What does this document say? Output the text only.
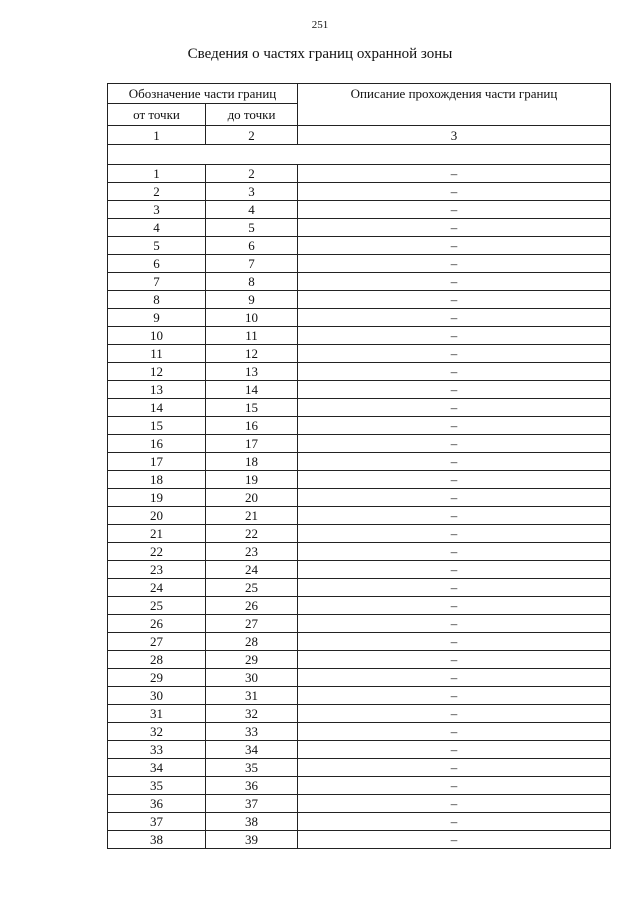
251
Сведения о частях границ охранной зоны
Обозначение части границ		Описание прохождения части границ
от точки	до точки	
1	2	3

1	2	–
2	3	–
3	4	–
4	5	–
5	6	–
6	7	–
7	8	–
8	9	–
9	10	–
10	11	–
11	12	–
12	13	–
13	14	–
14	15	–
15	16	–
16	17	–
17	18	–
18	19	–
19	20	–
20	21	–
21	22	–
22	23	–
23	24	–
24	25	–
25	26	–
26	27	–
27	28	–
28	29	–
29	30	–
30	31	–
31	32	–
32	33	–
33	34	–
34	35	–
35	36	–
36	37	–
37	38	–
38	39	–
